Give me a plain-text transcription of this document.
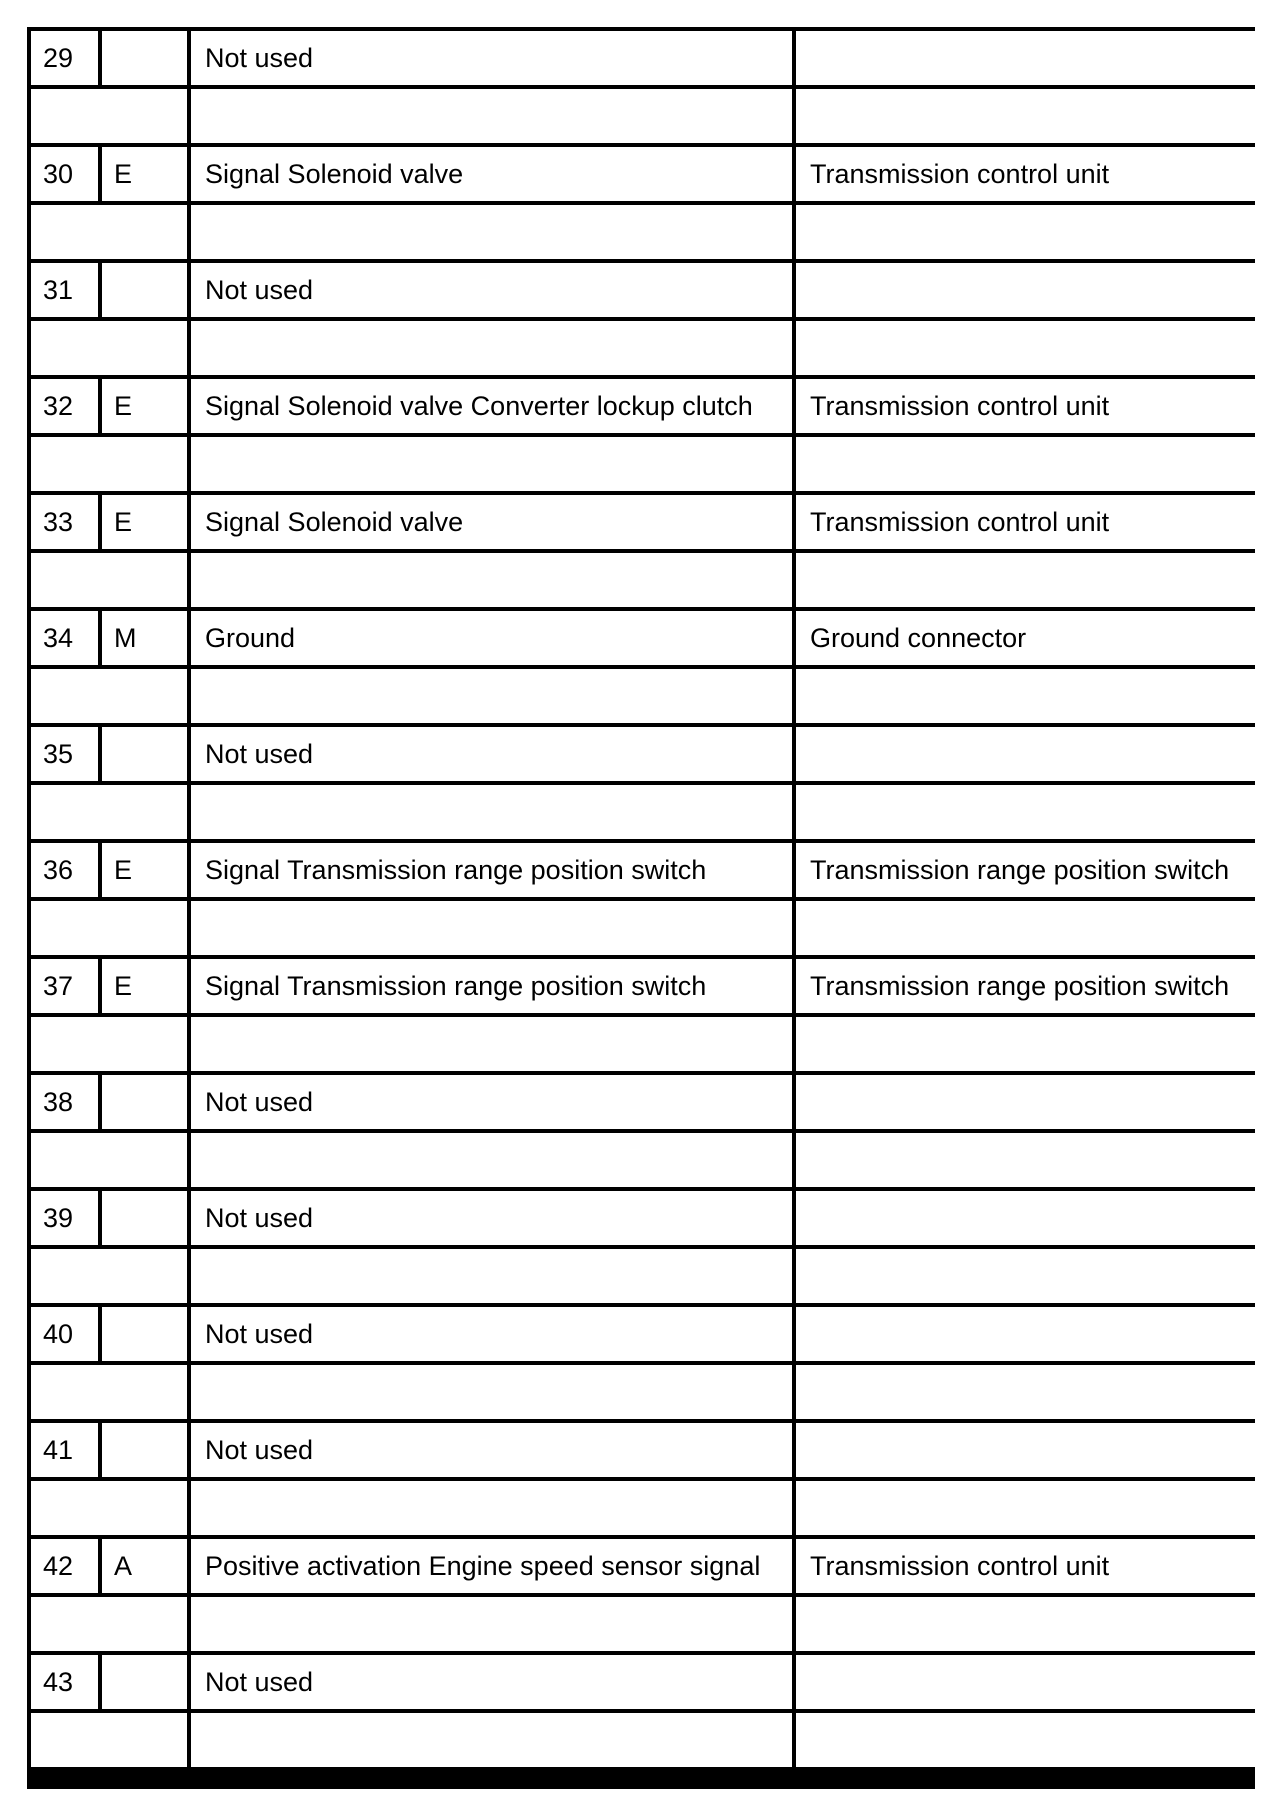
29	Not used
30	E	Signal Solenoid valve	Transmission control unit
31	Not used
32	E	Signal Solenoid valve Converter lockup clutch	Transmission control unit
33	E	Signal Solenoid valve	Transmission control unit
34	M	Ground	Ground connector
35	Not used
36	E	Signal Transmission range position switch	Transmission range position switch
37	E	Signal Transmission range position switch	Transmission range position switch
38	Not used
39	Not used
40	Not used
41	Not used
42	A	Positive activation Engine speed sensor signal	Transmission control unit
43	Not used
